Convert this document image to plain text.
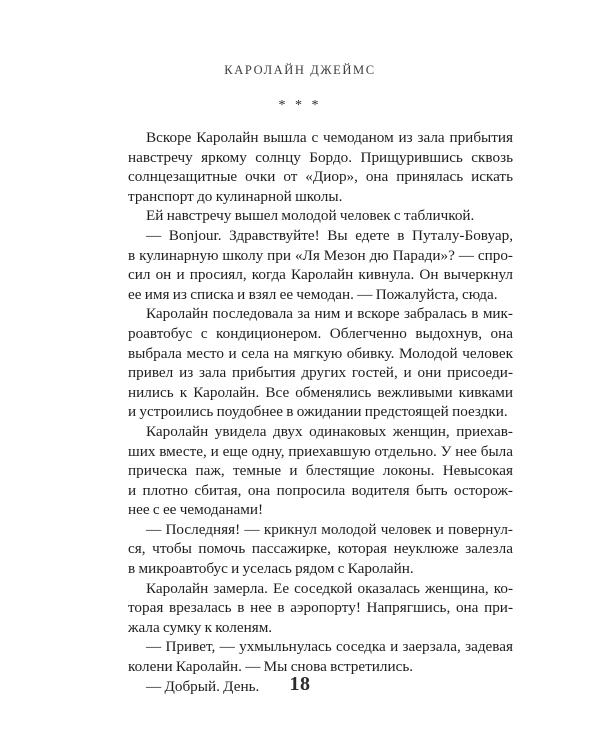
КАРОЛАЙН ДЖЕЙМС
* * *
Вскоре Каролайн вышла с чемоданом из зала прибытия
навстречу яркому солнцу Бордо. Прищурившись сквозь
солнцезащитные очки от «Диор», она принялась искать
транспорт до кулинарной школы.
Ей навстречу вышел молодой человек с табличкой.
— Bonjour. Здравствуйте! Вы едете в Путалу-Бовуар,
в кулинарную школу при «Ля Мезон дю Паради»? — спро-
сил он и просиял, когда Каролайн кивнула. Он вычеркнул
ее имя из списка и взял ее чемодан. — Пожалуйста, сюда.
Каролайн последовала за ним и вскоре забралась в мик-
роавтобус с кондиционером. Облегченно выдохнув, она
выбрала место и села на мягкую обивку. Молодой человек
привел из зала прибытия других гостей, и они присоеди-
нились к Каролайн. Все обменялись вежливыми кивками
и устроились поудобнее в ожидании предстоящей поездки.
Каролайн увидела двух одинаковых женщин, приехав-
ших вместе, и еще одну, приехавшую отдельно. У нее была
прическа паж, темные и блестящие локоны. Невысокая
и плотно сбитая, она попросила водителя быть осторож-
нее с ее чемоданами!
— Последняя! — крикнул молодой человек и повернул-
ся, чтобы помочь пассажирке, которая неуклюже залезла
в микроавтобус и уселась рядом с Каролайн.
Каролайн замерла. Ее соседкой оказалась женщина, ко-
торая врезалась в нее в аэропорту! Напрягшись, она при-
жала сумку к коленям.
— Привет, — ухмыльнулась соседка и заерзала, задевая
колени Каролайн. — Мы снова встретились.
— Добрый. День.	18
